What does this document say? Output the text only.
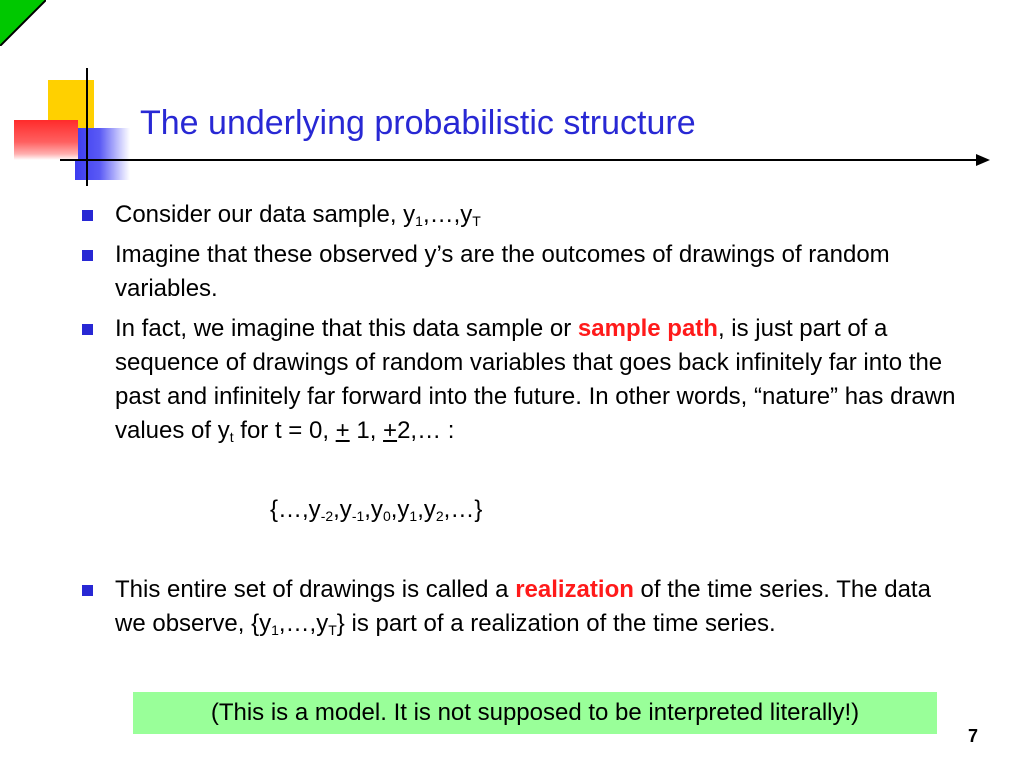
The underlying probabilistic structure
Consider our data sample, $y_1,\dots,y_T$
Imagine that these observed y’s are the outcomes of drawings of random variables.
In fact, we imagine that this data sample or sample path, is just part of a sequence of drawings of random variables that goes back infinitely far into the past and infinitely far forward into the future. In other words, “nature” has drawn values of $y_t$ for t = 0, + 1, +2,… :
$\{\dots,y_{-2},y_{-1},y_0,y_1,y_2,\dots\}$
This entire set of drawings is called a realization of the time series. The data we observe, $\{y_1,\dots,y_T\}$ is part of a realization of the time series.
(This is a model. It is not supposed to be interpreted literally!)
7
